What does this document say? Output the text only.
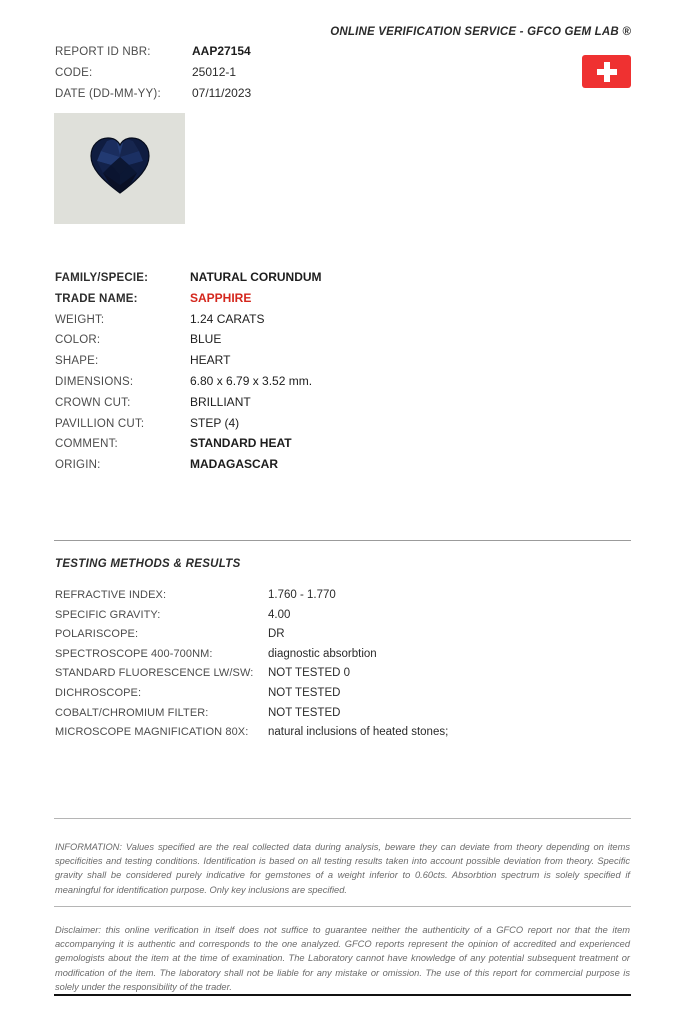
ONLINE VERIFICATION SERVICE - GFCO GEM LAB ®
REPORT ID NBR:	AAP27154
CODE:	25012-1
DATE (DD-MM-YY):	07/11/2023
FAMILY/SPECIE:	NATURAL CORUNDUM
TRADE NAME:	SAPPHIRE
WEIGHT:	1.24 CARATS
COLOR:	BLUE
SHAPE:	HEART
DIMENSIONS:	6.80 x 6.79 x 3.52 mm.
CROWN CUT:	BRILLIANT
PAVILLION CUT:	STEP (4)
COMMENT:	STANDARD HEAT
ORIGIN:	MADAGASCAR
TESTING METHODS & RESULTS
REFRACTIVE INDEX:	1.760 - 1.770
SPECIFIC GRAVITY:	4.00
POLARISCOPE:	DR
SPECTROSCOPE 400-700NM:	diagnostic absorbtion
STANDARD FLUORESCENCE LW/SW:	NOT TESTED 0
DICHROSCOPE:	NOT TESTED
COBALT/CHROMIUM FILTER:	NOT TESTED
MICROSCOPE MAGNIFICATION 80X:	natural inclusions of heated stones;
INFORMATION: Values specified are the real collected data during analysis, beware they can deviate from theory depending on items specificities and testing conditions. Identification is based on all testing results taken into account possible deviation from theory. Specific gravity shall be considered purely indicative for gemstones of a weight inferior to 0.60cts. Absorbtion spectrum is solely specified if meaningful for identification purpose. Only key inclusions are specified.
Disclaimer: this online verification in itself does not suffice to guarantee neither the authenticity of a GFCO report nor that the item accompanying it is authentic and corresponds to the one analyzed. GFCO reports represent the opinion of accredited and experienced gemologists about the item at the time of examination. The Laboratory cannot have knowledge of any potential subsequent treatment or modification of the item. The laboratory shall not be liable for any mistake or omission. The use of this report for commercial purpose is solely under the responsibility of the trader.
